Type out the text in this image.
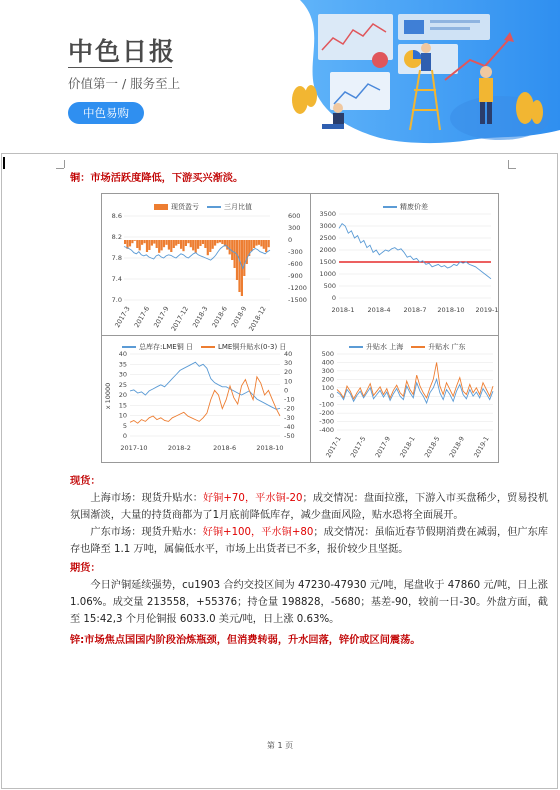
中色日报
价值第一 / 服务至上
中色易购
铜：市场活跃度降低，下游买兴渐淡。
现货盈亏	三月比值
8.6
8.2
7.8
7.4
7.0
600
300
0
-300
-600
-900
-1200
-1500
2017-3 2017-6 2017-9
2017-12 2018-3 2018-6 2018-9
2018-12
精废价差
3500
3000
2500
2000
1500
1000
500
0
2018-1 2018-4 2018-7 2018-10 2019-1
总库存:LME铜 日	LME铜升贴水(0-3) 日
40
35
30
25
20
15
10
5
0
40
30
20
10
0
-10
-20
-30
-40
-50
x 10000
2017-10	2018-2	2018-6	2018-10
升贴水 上海	升贴水 广东
500
400
300
200
100
0
-100
-200
-300
-400
2017-1 2017-5 2017-9 2018-1 2018-5 2018-9 2019-1
现货：
上海市场：现货升贴水：好铜+70，平水铜-20；成交情况：盘面拉涨，下游入市买盘稀少，贸易投机氛围渐淡，大量的持货商都为了1月底前降低库存，减少盘面风险，贴水恐将全面展开。
广东市场：现货升贴水：好铜+100，平水铜+80；成交情况：虽临近春节假期消费在减弱，但广东库存也降至 1.1 万吨，属偏低水平，市场上出货者已不多，报价较少且坚挺。
期货：
今日沪铜延续强势，cu1903 合约交投区间为 47230-47930 元/吨，尾盘收于 47860 元/吨，日上涨 1.06%。成交量 213558，+55376；持仓量 198828，-5680；基差-90，较前一日-30。外盘方面，截至 15:42,3 个月伦铜报 6033.0 美元/吨，日上涨 0.63%。
锌:市场焦点国国内阶段治炼瓶颈，但消费转弱，升水回落，锌价或区间震荡。
第 1 页
